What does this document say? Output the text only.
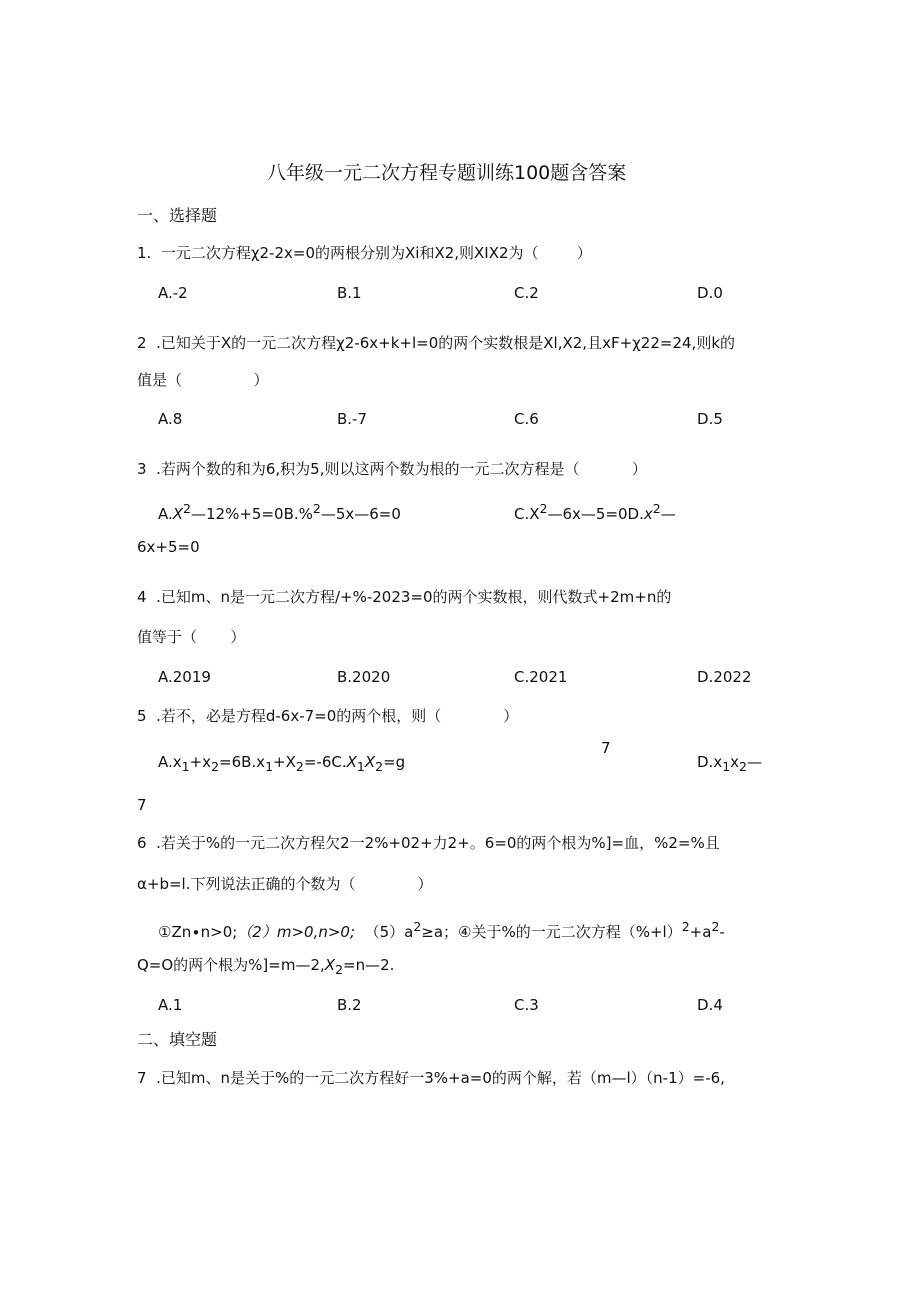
八年级一元二次方程专题训练100题含答案
一、选择题
1.  一元二次方程χ2-2x=0的两根分别为Xi和X2,则XIX2为（        ）
A.-2	B.1	C.2	D.0
2  .已知关于X的一元二次方程χ2-6x+k+l=0的两个实数根是Xl,X2,且xF+χ22=24,则k的
值是（               ）
A.8	B.-7	C.6	D.5
3  .若两个数的和为6,积为5,则以这两个数为根的一元二次方程是（           ）
$A.X^2—12\%+5=0B.\%^2—5x—6=0$	$C.X^2—6x—5=0D.x^2—$
6x+5=0
4  .已知m、n是一元二次方程/+%-2023=0的两个实数根，则代数式+2m+n的
值等于（       ）
A.2019	B.2020	C.2021	D.2022
5  .若不，必是方程d-6x-7=0的两个根，则（             ）
7
$A.x_1+x_2=6B.x_1+X_2=-6C.X_1X_2=g$	$D.x_1x_2—$
7
6  .若关于%的一元二次方程欠2一2%+02+力2+。6=0的两个根为%]=血，%2=%且
α+b=l.下列说法正确的个数为（             ）
①Zn∙n>0;（2）m>0,n>0; $(5)a^2\ge a$；④关于%的一元二次方程$(\%+l)^2+a^2-$
Q=O的两个根为$\%]=m—2,X_2=n—2$.
A.1	B.2	C.3	D.4
二、填空题
7  .已知m、n是关于%的一元二次方程好一3%+a=0的两个解，若（m—l）（n-1）=-6,
